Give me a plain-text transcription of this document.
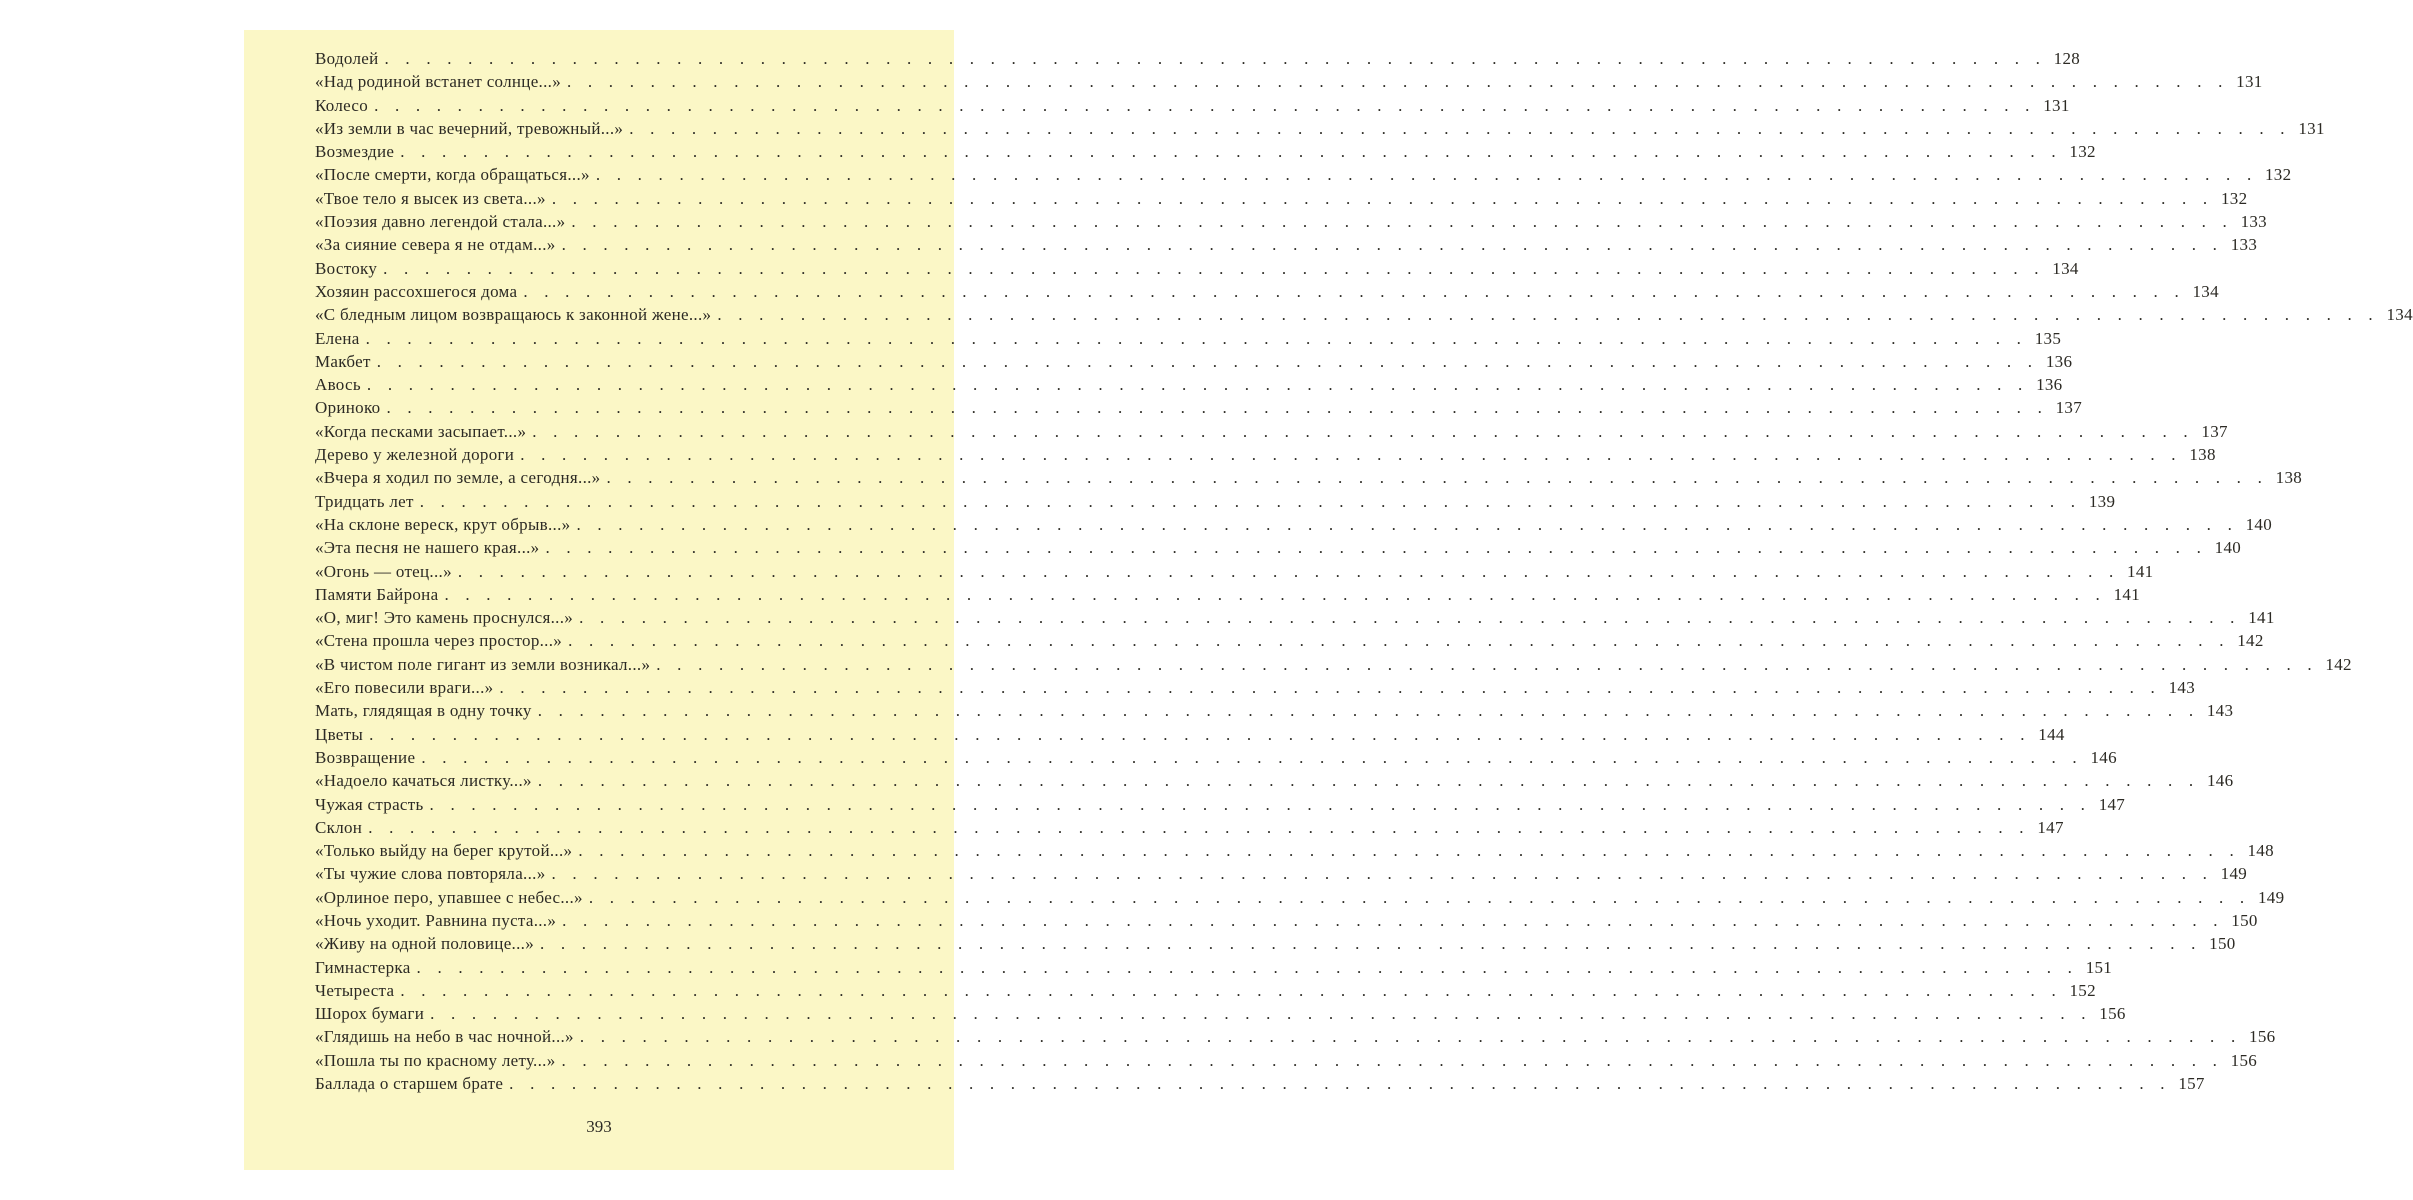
Водолей . . . . . . . . . . . . . . . . . . . . . . . . . . . . . . . . . . . . . . . . . . . . . . . . . . . . . . . . . . . . . . . . . . . . . . . . . . . . . . . . 128
«Над родиной встанет солнце...» . . . . . . . . . . . . . . . . . . . . . . . . . . . . . . . . . . . . . . . . . . . . . . . . . . . . . . . . . . . . . . . . . . . . . . . . . . . . . . . . 131
Колесо . . . . . . . . . . . . . . . . . . . . . . . . . . . . . . . . . . . . . . . . . . . . . . . . . . . . . . . . . . . . . . . . . . . . . . . . . . . . . . . . 131
«Из земли в час вечерний, тревожный...» . . . . . . . . . . . . . . . . . . . . . . . . . . . . . . . . . . . . . . . . . . . . . . . . . . . . . . . . . . . . . . . . . . . . . . . . . . . . . . . . 131
Возмездие . . . . . . . . . . . . . . . . . . . . . . . . . . . . . . . . . . . . . . . . . . . . . . . . . . . . . . . . . . . . . . . . . . . . . . . . . . . . . . . . 132
«После смерти, когда обращаться...» . . . . . . . . . . . . . . . . . . . . . . . . . . . . . . . . . . . . . . . . . . . . . . . . . . . . . . . . . . . . . . . . . . . . . . . . . . . . . . . . 132
«Твое тело я высек из света...» . . . . . . . . . . . . . . . . . . . . . . . . . . . . . . . . . . . . . . . . . . . . . . . . . . . . . . . . . . . . . . . . . . . . . . . . . . . . . . . . 132
«Поэзия давно легендой стала...» . . . . . . . . . . . . . . . . . . . . . . . . . . . . . . . . . . . . . . . . . . . . . . . . . . . . . . . . . . . . . . . . . . . . . . . . . . . . . . . . 133
«За сияние севера я не отдам...» . . . . . . . . . . . . . . . . . . . . . . . . . . . . . . . . . . . . . . . . . . . . . . . . . . . . . . . . . . . . . . . . . . . . . . . . . . . . . . . . 133
Востоку . . . . . . . . . . . . . . . . . . . . . . . . . . . . . . . . . . . . . . . . . . . . . . . . . . . . . . . . . . . . . . . . . . . . . . . . . . . . . . . . 134
Хозяин рассохшегося дома . . . . . . . . . . . . . . . . . . . . . . . . . . . . . . . . . . . . . . . . . . . . . . . . . . . . . . . . . . . . . . . . . . . . . . . . . . . . . . . . 134
«С бледным лицом возвращаюсь к законной жене...» . . . . . . . . . . . . . . . . . . . . . . . . . . . . . . . . . . . . . . . . . . . . . . . . . . . . . . . . . . . . . . . . . . . . . . . . . . . . . . . . 134
Елена . . . . . . . . . . . . . . . . . . . . . . . . . . . . . . . . . . . . . . . . . . . . . . . . . . . . . . . . . . . . . . . . . . . . . . . . . . . . . . . . 135
Макбет . . . . . . . . . . . . . . . . . . . . . . . . . . . . . . . . . . . . . . . . . . . . . . . . . . . . . . . . . . . . . . . . . . . . . . . . . . . . . . . . 136
Авось . . . . . . . . . . . . . . . . . . . . . . . . . . . . . . . . . . . . . . . . . . . . . . . . . . . . . . . . . . . . . . . . . . . . . . . . . . . . . . . . 136
Ориноко . . . . . . . . . . . . . . . . . . . . . . . . . . . . . . . . . . . . . . . . . . . . . . . . . . . . . . . . . . . . . . . . . . . . . . . . . . . . . . . . 137
«Когда песками засыпает...» . . . . . . . . . . . . . . . . . . . . . . . . . . . . . . . . . . . . . . . . . . . . . . . . . . . . . . . . . . . . . . . . . . . . . . . . . . . . . . . . 137
Дерево у железной дороги . . . . . . . . . . . . . . . . . . . . . . . . . . . . . . . . . . . . . . . . . . . . . . . . . . . . . . . . . . . . . . . . . . . . . . . . . . . . . . . . 138
«Вчера я ходил по земле, а сегодня...» . . . . . . . . . . . . . . . . . . . . . . . . . . . . . . . . . . . . . . . . . . . . . . . . . . . . . . . . . . . . . . . . . . . . . . . . . . . . . . . . 138
Тридцать лет . . . . . . . . . . . . . . . . . . . . . . . . . . . . . . . . . . . . . . . . . . . . . . . . . . . . . . . . . . . . . . . . . . . . . . . . . . . . . . . . 139
«На склоне вереск, крут обрыв...» . . . . . . . . . . . . . . . . . . . . . . . . . . . . . . . . . . . . . . . . . . . . . . . . . . . . . . . . . . . . . . . . . . . . . . . . . . . . . . . . 140
«Эта песня не нашего края...» . . . . . . . . . . . . . . . . . . . . . . . . . . . . . . . . . . . . . . . . . . . . . . . . . . . . . . . . . . . . . . . . . . . . . . . . . . . . . . . . 140
«Огонь — отец...» . . . . . . . . . . . . . . . . . . . . . . . . . . . . . . . . . . . . . . . . . . . . . . . . . . . . . . . . . . . . . . . . . . . . . . . . . . . . . . . . 141
Памяти Байрона . . . . . . . . . . . . . . . . . . . . . . . . . . . . . . . . . . . . . . . . . . . . . . . . . . . . . . . . . . . . . . . . . . . . . . . . . . . . . . . . 141
«О, миг! Это камень проснулся...» . . . . . . . . . . . . . . . . . . . . . . . . . . . . . . . . . . . . . . . . . . . . . . . . . . . . . . . . . . . . . . . . . . . . . . . . . . . . . . . . 141
«Стена прошла через простор...» . . . . . . . . . . . . . . . . . . . . . . . . . . . . . . . . . . . . . . . . . . . . . . . . . . . . . . . . . . . . . . . . . . . . . . . . . . . . . . . . 142
«В чистом поле гигант из земли возникал...» . . . . . . . . . . . . . . . . . . . . . . . . . . . . . . . . . . . . . . . . . . . . . . . . . . . . . . . . . . . . . . . . . . . . . . . . . . . . . . . . 142
«Его повесили враги...» . . . . . . . . . . . . . . . . . . . . . . . . . . . . . . . . . . . . . . . . . . . . . . . . . . . . . . . . . . . . . . . . . . . . . . . . . . . . . . . . 143
Мать, глядящая в одну точку . . . . . . . . . . . . . . . . . . . . . . . . . . . . . . . . . . . . . . . . . . . . . . . . . . . . . . . . . . . . . . . . . . . . . . . . . . . . . . . . 143
Цветы . . . . . . . . . . . . . . . . . . . . . . . . . . . . . . . . . . . . . . . . . . . . . . . . . . . . . . . . . . . . . . . . . . . . . . . . . . . . . . . . 144
Возвращение . . . . . . . . . . . . . . . . . . . . . . . . . . . . . . . . . . . . . . . . . . . . . . . . . . . . . . . . . . . . . . . . . . . . . . . . . . . . . . . . 146
«Надоело качаться листку...» . . . . . . . . . . . . . . . . . . . . . . . . . . . . . . . . . . . . . . . . . . . . . . . . . . . . . . . . . . . . . . . . . . . . . . . . . . . . . . . . 146
Чужая страсть . . . . . . . . . . . . . . . . . . . . . . . . . . . . . . . . . . . . . . . . . . . . . . . . . . . . . . . . . . . . . . . . . . . . . . . . . . . . . . . . 147
Склон . . . . . . . . . . . . . . . . . . . . . . . . . . . . . . . . . . . . . . . . . . . . . . . . . . . . . . . . . . . . . . . . . . . . . . . . . . . . . . . . 147
«Только выйду на берег крутой...» . . . . . . . . . . . . . . . . . . . . . . . . . . . . . . . . . . . . . . . . . . . . . . . . . . . . . . . . . . . . . . . . . . . . . . . . . . . . . . . . 148
«Ты чужие слова повторяла...» . . . . . . . . . . . . . . . . . . . . . . . . . . . . . . . . . . . . . . . . . . . . . . . . . . . . . . . . . . . . . . . . . . . . . . . . . . . . . . . . 149
«Орлиное перо, упавшее с небес...» . . . . . . . . . . . . . . . . . . . . . . . . . . . . . . . . . . . . . . . . . . . . . . . . . . . . . . . . . . . . . . . . . . . . . . . . . . . . . . . . 149
«Ночь уходит. Равнина пуста...» . . . . . . . . . . . . . . . . . . . . . . . . . . . . . . . . . . . . . . . . . . . . . . . . . . . . . . . . . . . . . . . . . . . . . . . . . . . . . . . . 150
«Живу на одной половице...» . . . . . . . . . . . . . . . . . . . . . . . . . . . . . . . . . . . . . . . . . . . . . . . . . . . . . . . . . . . . . . . . . . . . . . . . . . . . . . . . 150
Гимнастерка . . . . . . . . . . . . . . . . . . . . . . . . . . . . . . . . . . . . . . . . . . . . . . . . . . . . . . . . . . . . . . . . . . . . . . . . . . . . . . . . 151
Четыреста . . . . . . . . . . . . . . . . . . . . . . . . . . . . . . . . . . . . . . . . . . . . . . . . . . . . . . . . . . . . . . . . . . . . . . . . . . . . . . . . 152
Шорох бумаги . . . . . . . . . . . . . . . . . . . . . . . . . . . . . . . . . . . . . . . . . . . . . . . . . . . . . . . . . . . . . . . . . . . . . . . . . . . . . . . . 156
«Глядишь на небо в час ночной...» . . . . . . . . . . . . . . . . . . . . . . . . . . . . . . . . . . . . . . . . . . . . . . . . . . . . . . . . . . . . . . . . . . . . . . . . . . . . . . . . 156
«Пошла ты по красному лету...» . . . . . . . . . . . . . . . . . . . . . . . . . . . . . . . . . . . . . . . . . . . . . . . . . . . . . . . . . . . . . . . . . . . . . . . . . . . . . . . . 156
Баллада о старшем брате . . . . . . . . . . . . . . . . . . . . . . . . . . . . . . . . . . . . . . . . . . . . . . . . . . . . . . . . . . . . . . . . . . . . . . . . . . . . . . . . 157
393
